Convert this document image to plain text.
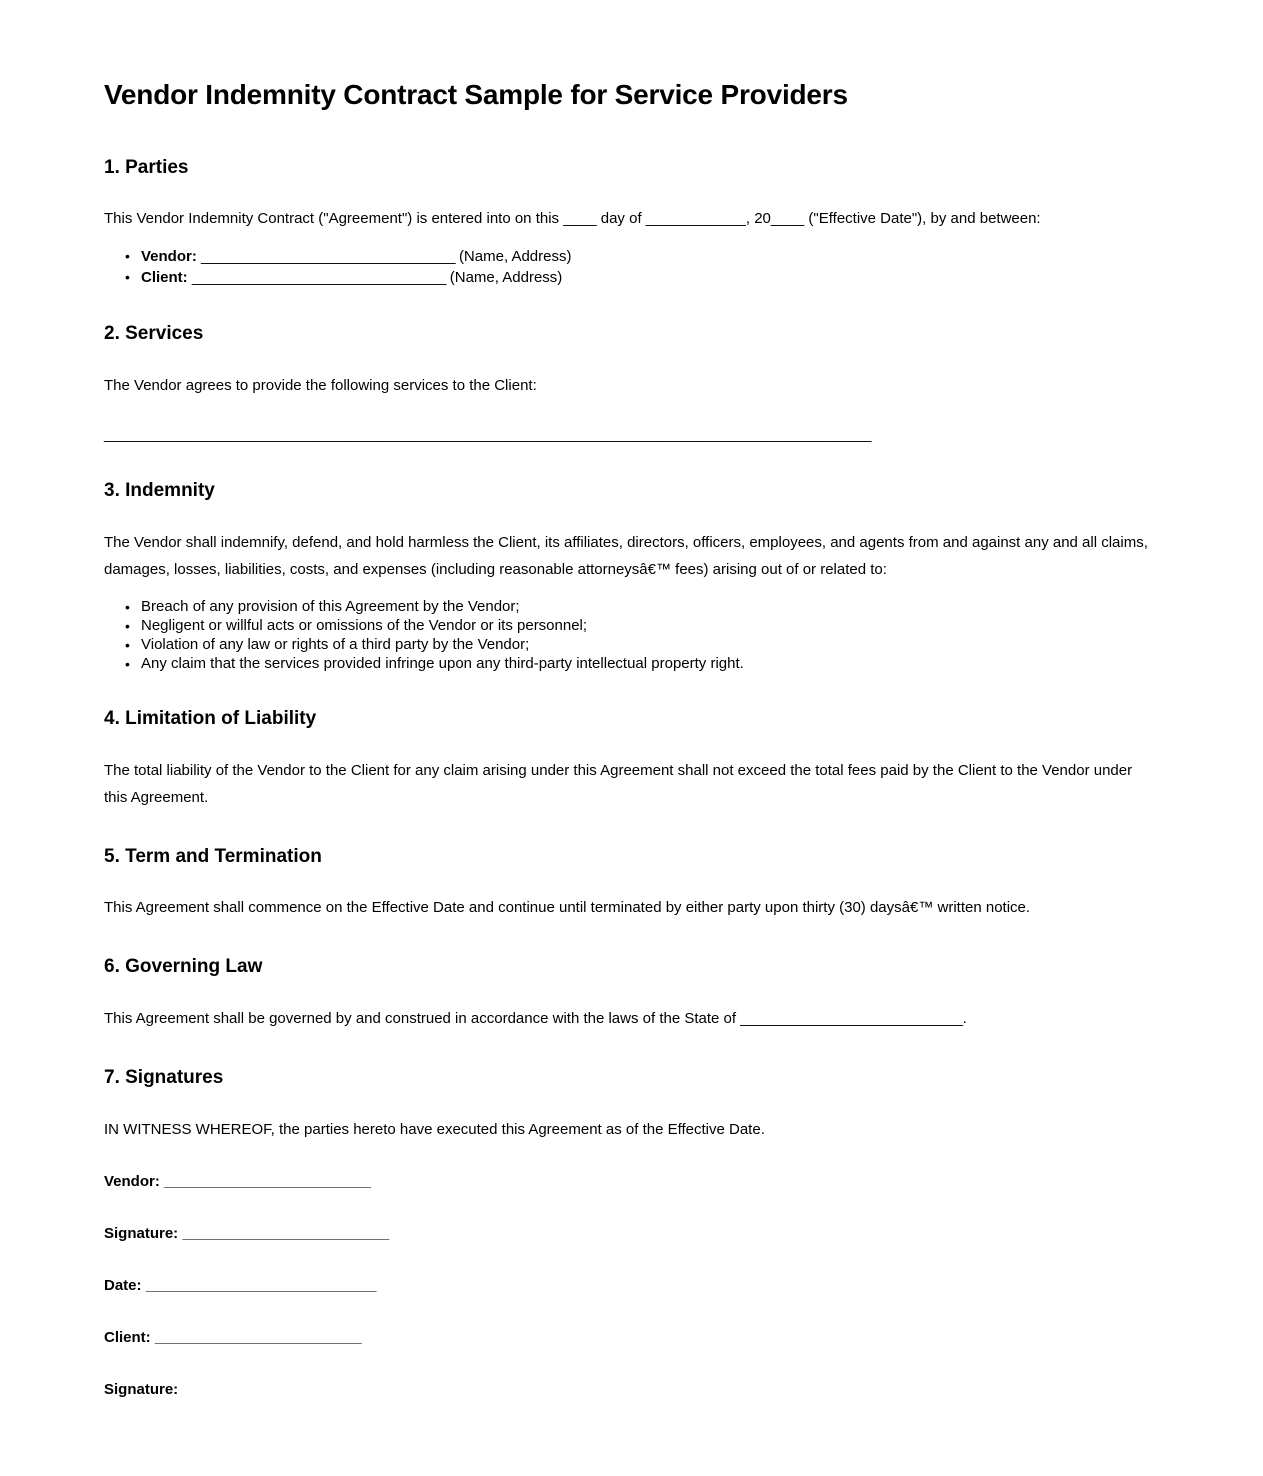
Vendor Indemnity Contract Sample for Service Providers
1. Parties

This Vendor Indemnity Contract ("Agreement") is entered into on this ____ day of ____________, 20____ ("Effective Date"), by and between:

• Vendor: ________________________________ (Name, Address)
• Client: ________________________________ (Name, Address)
2. Services

The Vendor agrees to provide the following services to the Client:

____________________________________________________________________________________________
3. Indemnity

The Vendor shall indemnify, defend, and hold harmless the Client, its affiliates, directors, officers, employees, and agents from and against any and all claims, damages, losses, liabilities, costs, and expenses (including reasonable attorneysâ€™ fees) arising out of or related to:

• Breach of any provision of this Agreement by the Vendor;
• Negligent or willful acts or omissions of the Vendor or its personnel;
• Violation of any law or rights of a third party by the Vendor;
• Any claim that the services provided infringe upon any third-party intellectual property right.
4. Limitation of Liability

The total liability of the Vendor to the Client for any claim arising under this Agreement shall not exceed the total fees paid by the Client to the Vendor under this Agreement.

5. Term and Termination

This Agreement shall commence on the Effective Date and continue until terminated by either party upon thirty (30) daysâ€™ written notice.

6. Governing Law

This Agreement shall be governed by and construed in accordance with the laws of the State of ____________________________.

7. Signatures

IN WITNESS WHEREOF, the parties hereto have executed this Agreement as of the Effective Date.

Vendor: __________________________

Signature: __________________________

Date: _____________________________

Client: __________________________

Signature:
